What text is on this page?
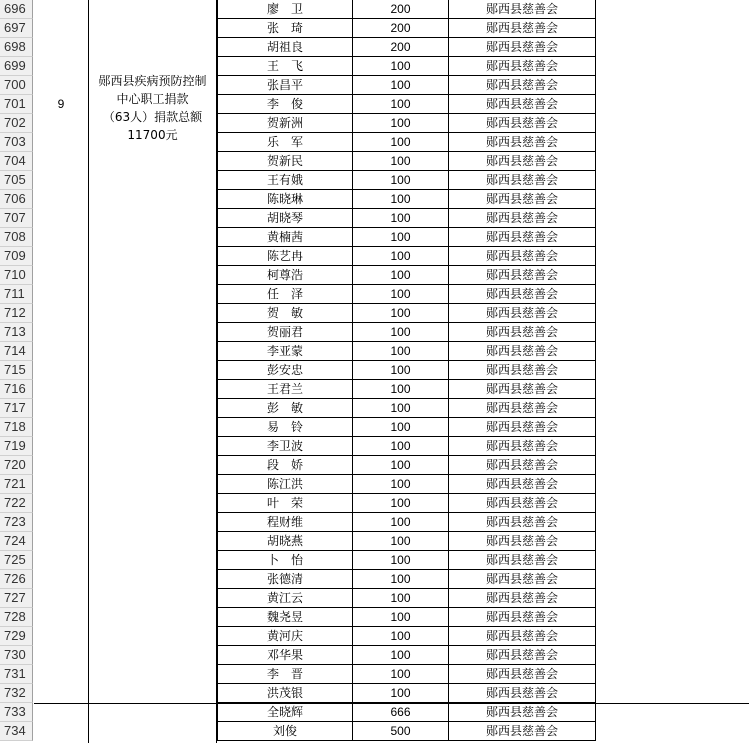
9
郧西县疾病预防控制
中心职工捐款
（63人）捐款总额
11700元
696	廖　卫	200	郧西县慈善会
697	张　琦	200	郧西县慈善会
698	胡祖良	200	郧西县慈善会
699	王　飞	100	郧西县慈善会
700	张昌平	100	郧西县慈善会
701	李　俊	100	郧西县慈善会
702	贺新洲	100	郧西县慈善会
703	乐　军	100	郧西县慈善会
704	贺新民	100	郧西县慈善会
705	王有娥	100	郧西县慈善会
706	陈晓琳	100	郧西县慈善会
707	胡晓琴	100	郧西县慈善会
708	黄楠茜	100	郧西县慈善会
709	陈艺冉	100	郧西县慈善会
710	柯尊浩	100	郧西县慈善会
711	任　泽	100	郧西县慈善会
712	贺　敏	100	郧西县慈善会
713	贺丽君	100	郧西县慈善会
714	李亚蒙	100	郧西县慈善会
715	彭安忠	100	郧西县慈善会
716	王君兰	100	郧西县慈善会
717	彭　敏	100	郧西县慈善会
718	易　铃	100	郧西县慈善会
719	李卫波	100	郧西县慈善会
720	段　娇	100	郧西县慈善会
721	陈江洪	100	郧西县慈善会
722	叶　荣	100	郧西县慈善会
723	程财维	100	郧西县慈善会
724	胡晓燕	100	郧西县慈善会
725	卜　怡	100	郧西县慈善会
726	张德清	100	郧西县慈善会
727	黄江云	100	郧西县慈善会
728	魏尧昱	100	郧西县慈善会
729	黄河庆	100	郧西县慈善会
730	邓华果	100	郧西县慈善会
731	李　晋	100	郧西县慈善会
732	洪茂银	100	郧西县慈善会
733	全晓辉	666	郧西县慈善会
734	刘俊	500	郧西县慈善会
